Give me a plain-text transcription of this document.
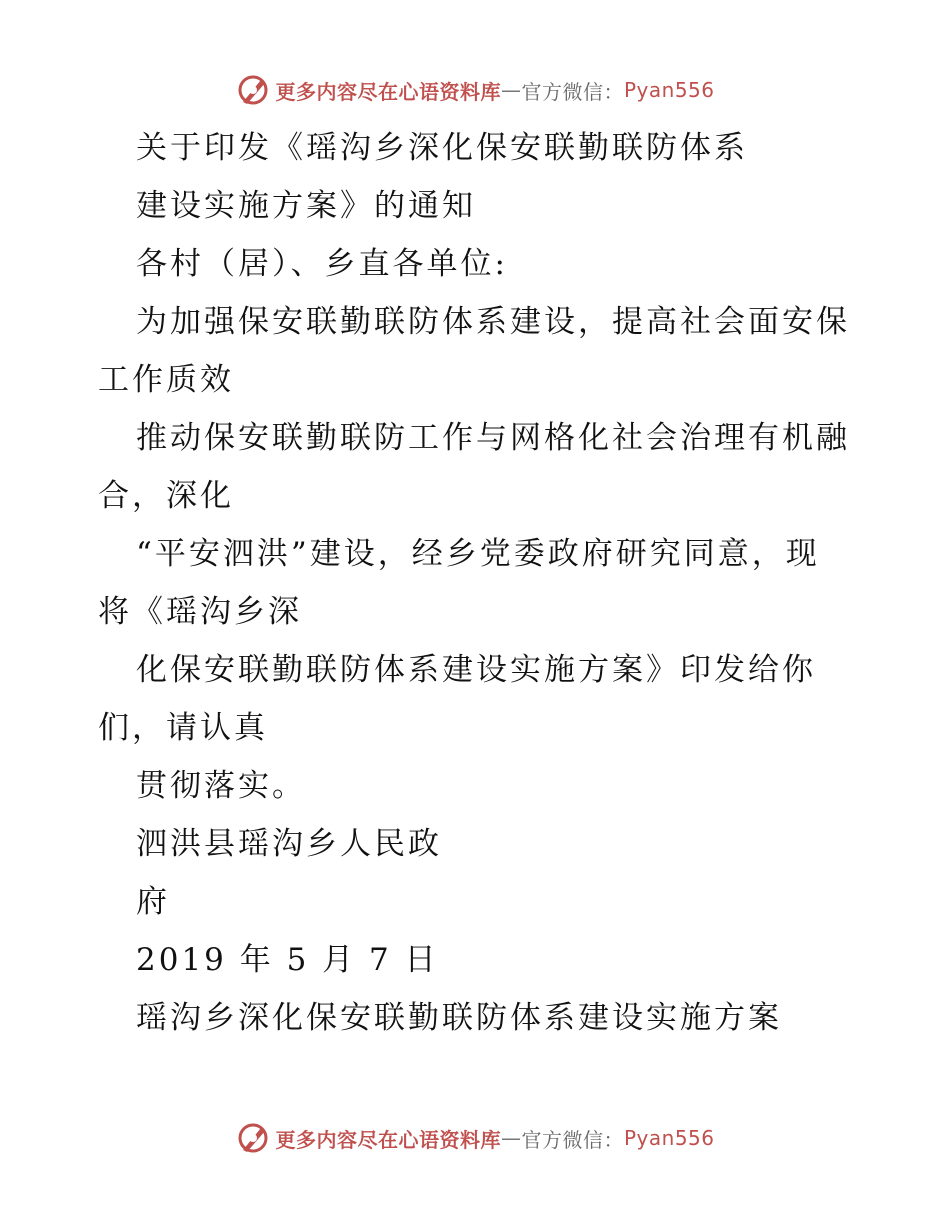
更多内容尽在心语资料库 — 官方微信： Pyan556
关于印发《瑶沟乡深化保安联勤联防体系
建设实施方案》的通知
各村（居）、乡直各单位:
为加强保安联勤联防体系建设，提高社会面安保
工作质效
推动保安联勤联防工作与网格化社会治理有机融
合，深化
“平安泗洪”建设，经乡党委政府研究同意，现
将《瑶沟乡深
化保安联勤联防体系建设实施方案》印发给你
们，请认真
贯彻落实。
泗洪县瑶沟乡人民政
府
2019 年 5 月 7 日
瑶沟乡深化保安联勤联防体系建设实施方案
更多内容尽在心语资料库 — 官方微信： Pyan556
